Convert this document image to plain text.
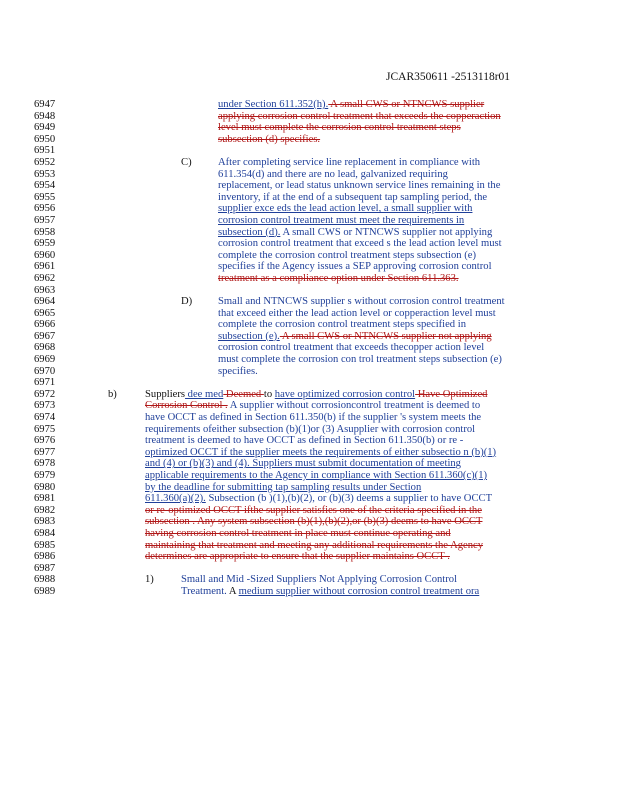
JCAR350611 -2513118r01
6947	under Section 611.352(h). A small CWS or NTNCWS supplier
6948	applying corrosion control treatment that exceeds the copperaction
6949	level must complete the corrosion control treatment steps
6950	subsection (d) specifies.
6951
6952	C) After completing service line replacement in compliance with
6953	611.354(d) and there are no lead, galvanized requiring
6954	replacement, or lead status unknown service lines remaining in the
6955	inventory, if at the end of a subsequent tap sampling period, the
6956	supplier exce eds the lead action level, a small supplier with
6957	corrosion control treatment must meet the requirements in
6958	subsection (d). A small CWS or NTNCWS supplier not applying
6959	corrosion control treatment that exceed s the lead action level must
6960	complete the corrosion control treatment steps subsection (e)
6961	specifies if the Agency issues a SEP approving corrosion control
6962	treatment as a compliance option under Section 611.363.
6963
6964	D) Small and NTNCWS supplier s without corrosion control treatment
6965	that exceed either the lead action level or copperaction level must
6966	complete the corrosion control treatment steps specified in
6967	subsection (e). A small CWS or NTNCWS supplier not applying
6968	corrosion control treatment that exceeds thecopper action level
6969	must complete the corrosion con trol treatment steps subsection (e)
6970	specifies.
6971
6972	b)	Suppliers dee med Deemed to have optimized corrosion control Have Optimized
6973	Corrosion Control . A supplier without corrosioncontrol treatment is deemed to
6974	have OCCT as defined in Section 611.350(b) if the supplier 's system meets the
6975	requirements ofeither subsection (b)(1)or (3) Asupplier with corrosion control
6976	treatment is deemed to have OCCT as defined in Section 611.350(b) or re -
6977	optimized OCCT if the supplier meets the requirements of either subsectio n (b)(1)
6978	and (4) or (b)(3) and (4). Suppliers must submit documentation of meeting
6979	applicable requirements to the Agency in compliance with Section 611.360(c)(1)
6980	by the deadline for submitting tap sampling results under Section
6981	611.360(a)(2). Subsection (b )(1),(b)(2), or (b)(3) deems a supplier to have OCCT
6982	or re-optimized OCCT ifthe supplier satisfies one of the criteria specified in the
6983	subsection . Any system subsection (b)(1),(b)(2),or (b)(3) deems to have OCCT
6984	having corrosion control treatment in place must continue operating and
6985	maintaining that treatment and meeting any additional requirements the Agency
6986	determines are appropriate to ensure that the supplier maintains OCCT .
6987
6988	1)	Small and Mid -Sized Suppliers Not Applying Corrosion Control
6989	Treatment. A medium supplier without corrosion control treatment ora
